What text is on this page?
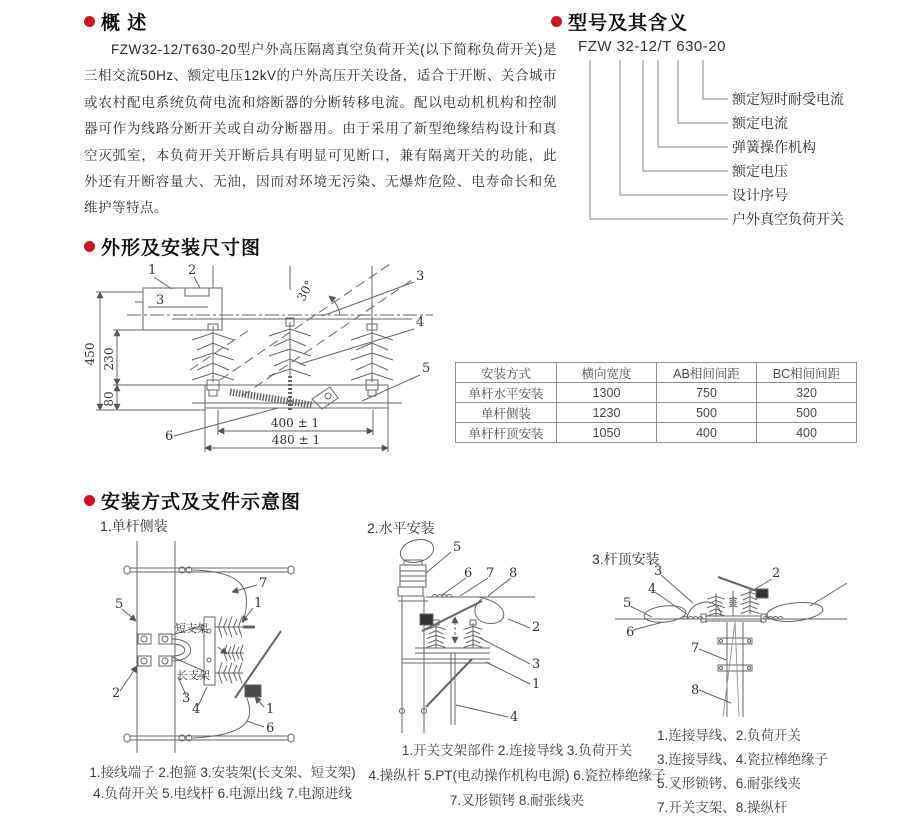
概 述
FZW32-12/T630-20型户外高压隔离真空负荷开关(以下简称负荷开关)是三相交流50Hz、额定电压12kV的户外高压开关设备，适合于开断、关合城市或农村配电系统负荷电流和熔断器的分断转移电流。配以电动机机构和控制器可作为线路分断开关或自动分断器用。由于采用了新型绝缘结构设计和真空灭弧室，本负荷开关开断后具有明显可见断口，兼有隔离开关的功能，此外还有开断容量大、无油，因而对环境无污染、无爆炸危险、电寿命长和免维护等特点。
型号及其含义
FZW 32-12/T 630-20
额定短时耐受电流
额定电流
弹簧操作机构
额定电压
设计序号
户外真空负荷开关
外形及安装尺寸图
450 230
80
400 ± 1
480 ± 1
30°
1 2
3
3
4
5
6
安装方式	横向宽度	AB相间间距	BC相间间距
单杆水平安装	1300	750	320
单杆侧装	1230	500	500
单杆杆顶安装	1050	400	400
安装方式及支件示意图
1.单杆侧装	2.水平安装
3.杆顶安装
短支架
长支架
7
1
5
2	3
4	1
6
5
6 7 8
2
3
1
4
2
3
4
5
6
7
8
1.接线端子 2.抱箍 3.安装架(长支架、短支架)
4.负荷开关 5.电线杆 6.电源出线 7.电源进线
1.开关支架部件 2.连接导线 3.负荷开关
4.操纵杆 5.PT(电动操作机构电源) 6.瓷拉棒绝缘子
7.叉形锁铐 8.耐张线夹
1.连接导线、2.负荷开关
3.连接导线、4.瓷拉棒绝缘子
5.叉形锁铐、6.耐张线夹
7.开关支架、8.操纵杆
